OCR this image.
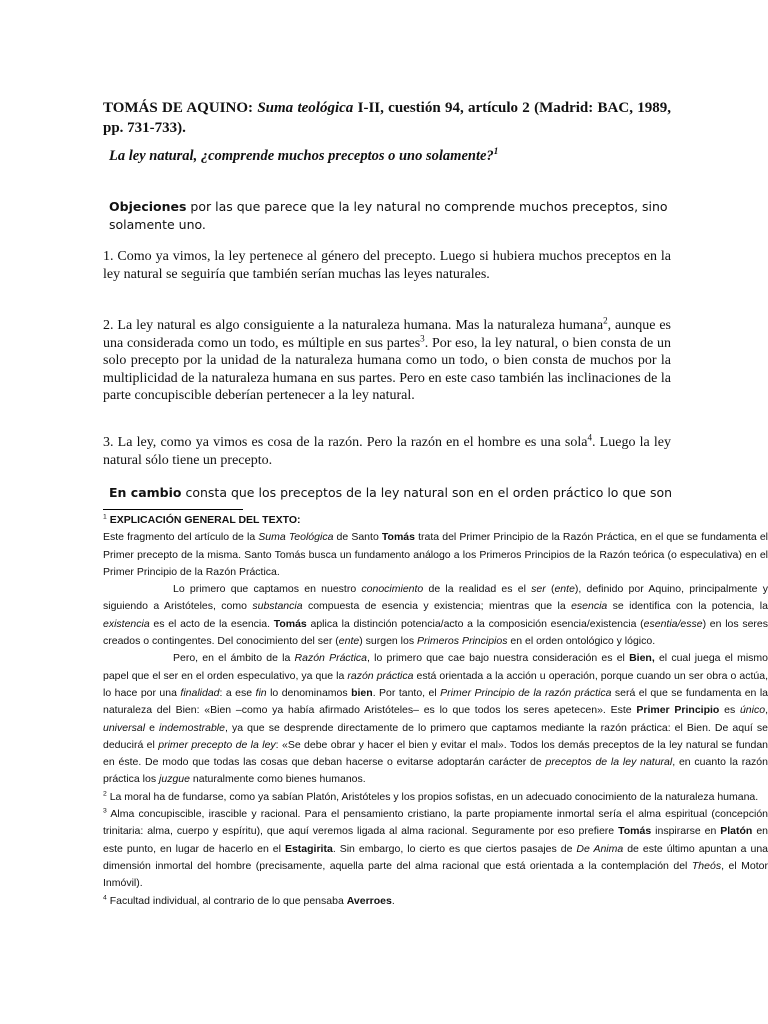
TOMÁS DE AQUINO: Suma teológica I-II, cuestión 94, artículo 2 (Madrid: BAC, 1989, pp. 731-733).

La ley natural, ¿comprende muchos preceptos o uno solamente?$^1$

Objeciones por las que parece que la ley natural no comprende muchos preceptos, sino solamente uno.

1. Como ya vimos, la ley pertenece al género del precepto. Luego si hubiera muchos preceptos en la ley natural se seguiría que también serían muchas las leyes naturales.

2. La ley natural es algo consiguiente a la naturaleza humana. Mas la naturaleza humana$^2$, aunque es una considerada como un todo, es múltiple en sus partes$^3$. Por eso, la ley natural, o bien consta de un solo precepto por la unidad de la naturaleza humana como un todo, o bien consta de muchos por la multiplicidad de la naturaleza humana en sus partes. Pero en este caso también las inclinaciones de la parte concupiscible deberían pertenecer a la ley natural.

3. La ley, como ya vimos es cosa de la razón. Pero la razón en el hombre es una sola$^4$. Luego la ley natural sólo tiene un precepto.

En cambio consta que los preceptos de la ley natural son en el orden práctico lo que son

$^1$ EXPLICACIÓN GENERAL DEL TEXTO:

Este fragmento del artículo de la Suma Teológica de Santo Tomás trata del Primer Principio de la Razón Práctica, en el que se fundamenta el Primer precepto de la misma. Santo Tomás busca un fundamento análogo a los Primeros Principios de la Razón teórica (o especulativa) en el Primer Principio de la Razón Práctica.

Lo primero que captamos en nuestro conocimiento de la realidad es el ser (ente), definido por Aquino, principalmente y siguiendo a Aristóteles, como substancia compuesta de esencia y existencia; mientras que la esencia se identifica con la potencia, la existencia es el acto de la esencia. Tomás aplica la distinción potencia/acto a la composición esencia/existencia (esentia/esse) en los seres creados o contingentes. Del conocimiento del ser (ente) surgen los Primeros Principios en el orden ontológico y lógico.

Pero, en el ámbito de la Razón Práctica, lo primero que cae bajo nuestra consideración es el Bien, el cual juega el mismo papel que el ser en el orden especulativo, ya que la razón práctica está orientada a la acción u operación, porque cuando un ser obra o actúa, lo hace por una finalidad: a ese fin lo denominamos bien. Por tanto, el Primer Principio de la razón práctica será el que se fundamenta en la naturaleza del Bien: «Bien –como ya había afirmado Aristóteles– es lo que todos los seres apetecen». Este Primer Principio es único, universal e indemostrable, ya que se desprende directamente de lo primero que captamos mediante la razón práctica: el Bien. De aquí se deducirá el primer precepto de la ley: «Se debe obrar y hacer el bien y evitar el mal». Todos los demás preceptos de la ley natural se fundan en éste. De modo que todas las cosas que deban hacerse o evitarse adoptarán carácter de preceptos de la ley natural, en cuanto la razón práctica los juzgue naturalmente como bienes humanos.

$^2$ La moral ha de fundarse, como ya sabían Platón, Aristóteles y los propios sofistas, en un adecuado conocimiento de la naturaleza humana.

$^3$ Alma concupiscible, irascible y racional. Para el pensamiento cristiano, la parte propiamente inmortal sería el alma espiritual (concepción trinitaria: alma, cuerpo y espíritu), que aquí veremos ligada al alma racional. Seguramente por eso prefiere Tomás inspirarse en Platón en este punto, en lugar de hacerlo en el Estagirita. Sin embargo, lo cierto es que ciertos pasajes de De Anima de este último apuntan a una dimensión inmortal del hombre (precisamente, aquella parte del alma racional que está orientada a la contemplación del Theós, el Motor Inmóvil).

$^4$ Facultad individual, al contrario de lo que pensaba Averroes.
